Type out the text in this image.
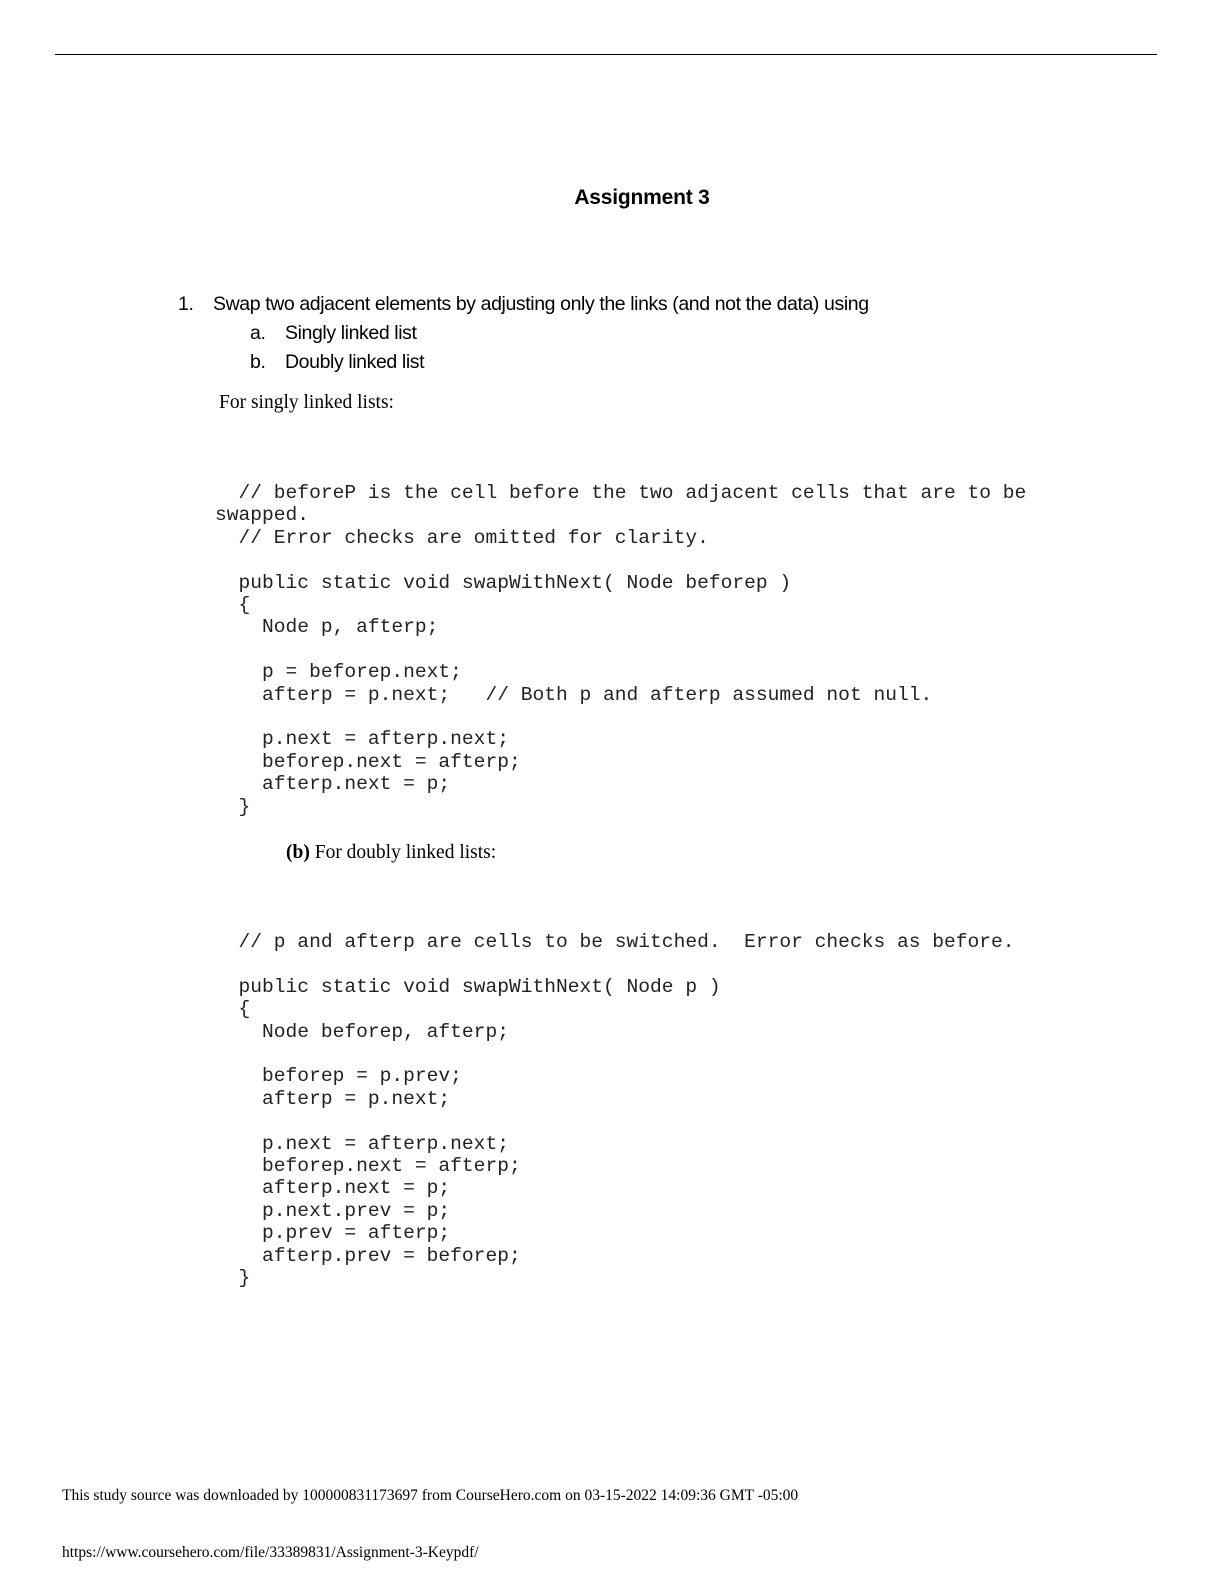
Assignment 3
1. Swap two adjacent elements by adjusting only the links (and not the data) using
a. Singly linked list
b. Doubly linked list
For singly linked lists:
// beforeP is the cell before the two adjacent cells that are to be
swapped.
// Error checks are omitted for clarity.

public static void swapWithNext( Node beforep )
{
Node p, afterp;

p = beforep.next;
afterp = p.next;   // Both p and afterp assumed not null.

p.next = afterp.next;
beforep.next = afterp;
afterp.next = p;
}
(b) For doubly linked lists:
// p and afterp are cells to be switched.  Error checks as before.

public static void swapWithNext( Node p )
{
Node beforep, afterp;

beforep = p.prev;
afterp = p.next;

p.next = afterp.next;
beforep.next = afterp;
afterp.next = p;
p.next.prev = p;
p.prev = afterp;
afterp.prev = beforep;
}
This study source was downloaded by 100000831173697 from CourseHero.com on 03-15-2022 14:09:36 GMT -05:00
https://www.coursehero.com/file/33389831/Assignment-3-Keypdf/
